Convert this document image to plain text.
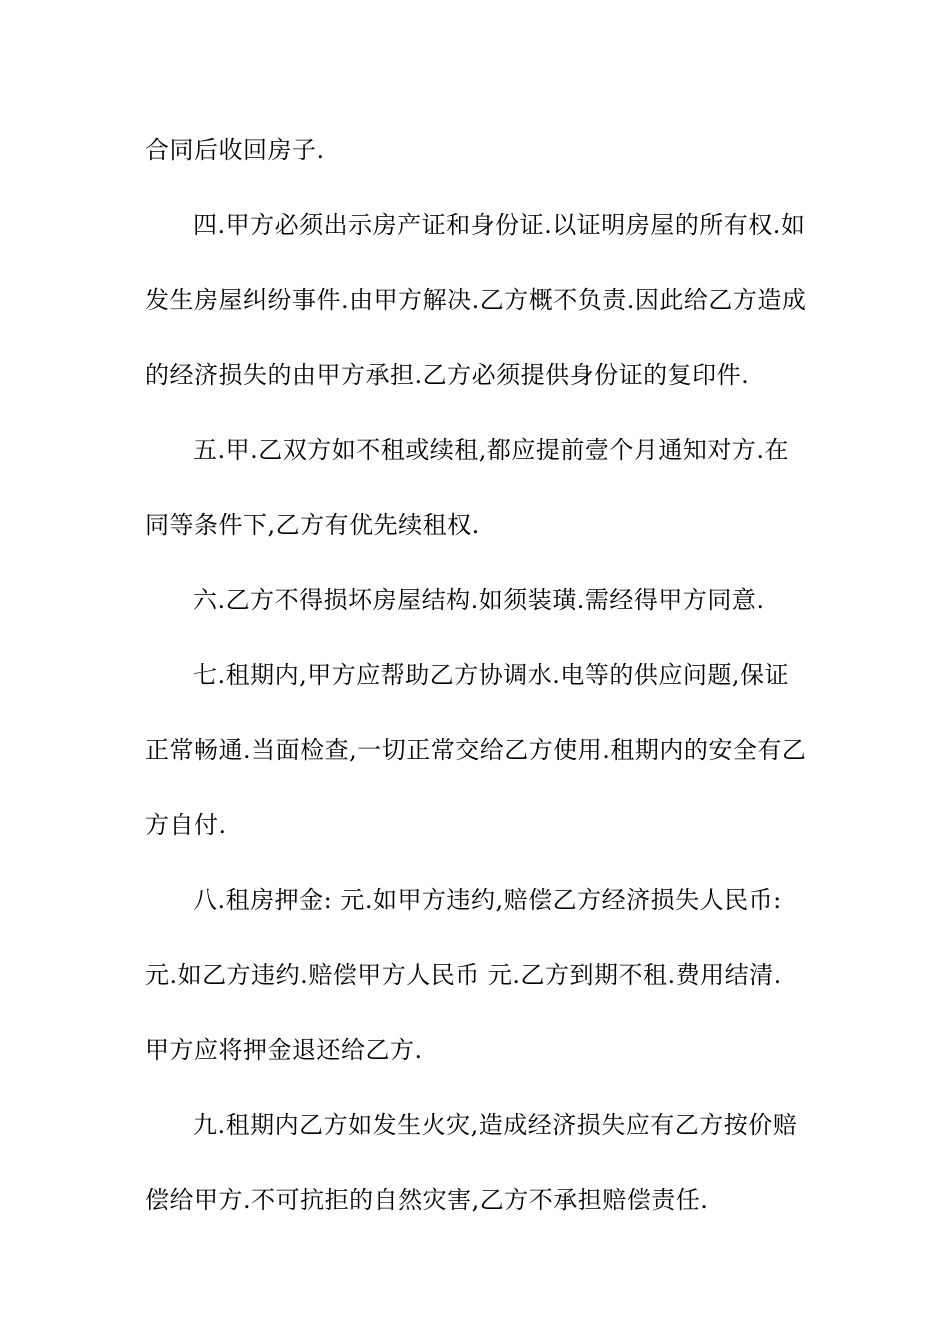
合同后收回房子.
四.甲方必须出示房产证和身份证.以证明房屋的所有权.如
发生房屋纠纷事件.由甲方解决.乙方概不负责.因此给乙方造成
的经济损失的由甲方承担.乙方必须提供身份证的复印件.
五.甲.乙双方如不租或续租,都应提前壹个月通知对方.在
同等条件下,乙方有优先续租权.
六.乙方不得损坏房屋结构.如须装璜.需经得甲方同意.
七.租期内,甲方应帮助乙方协调水.电等的供应问题,保证
正常畅通.当面检查,一切正常交给乙方使用.租期内的安全有乙
方自付.
八.租房押金: 元.如甲方违约,赔偿乙方经济损失人民币:
元.如乙方违约.赔偿甲方人民币 元.乙方到期不租.费用结清.
甲方应将押金退还给乙方.
九.租期内乙方如发生火灾,造成经济损失应有乙方按价赔
偿给甲方.不可抗拒的自然灾害,乙方不承担赔偿责任.
